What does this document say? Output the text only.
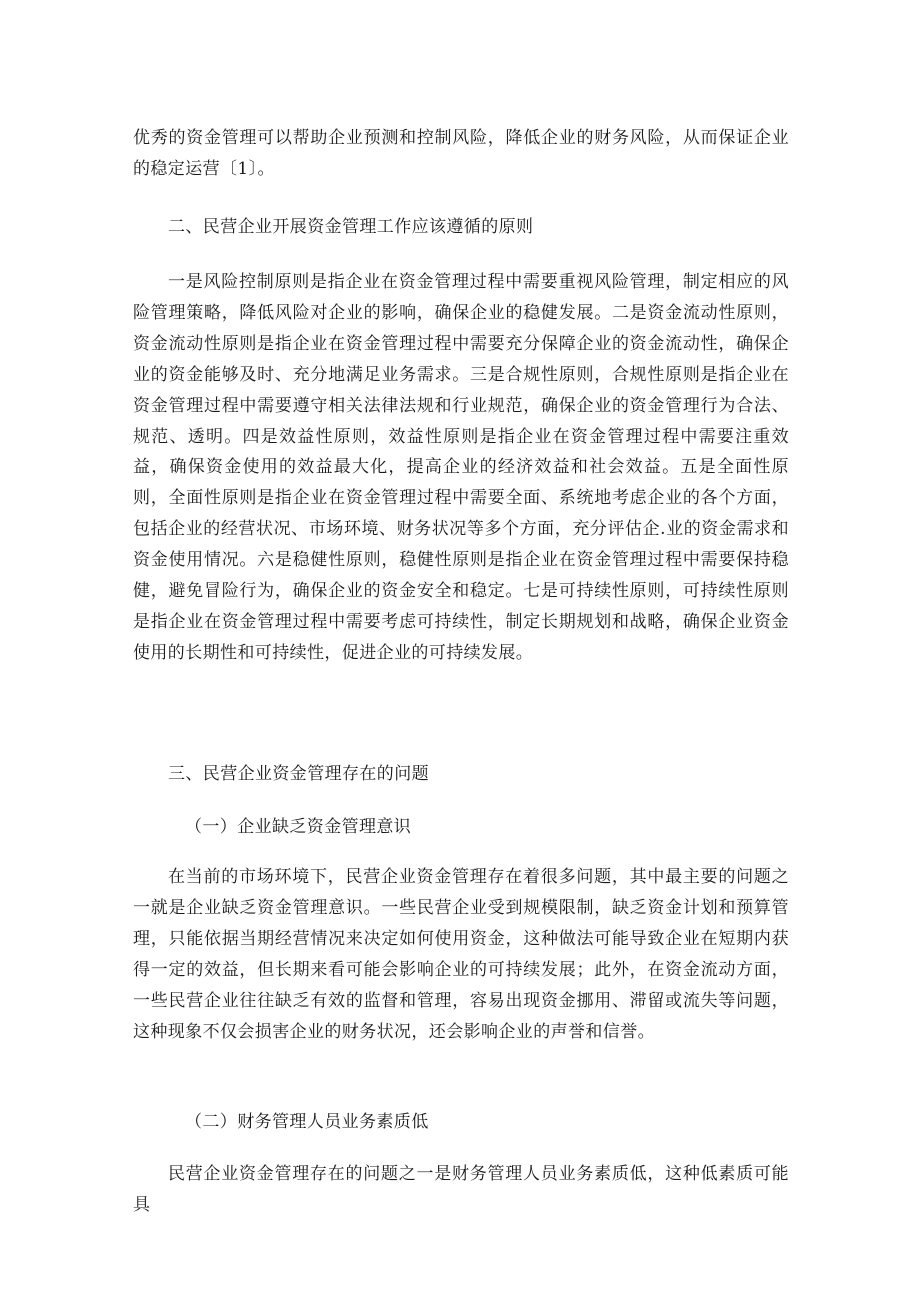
优秀的资金管理可以帮助企业预测和控制风险，降低企业的财务风险，从而保证企业的稳定运营〔1〕。

二、民营企业开展资金管理工作应该遵循的原则

一是风险控制原则是指企业在资金管理过程中需要重视风险管理，制定相应的风险管理策略，降低风险对企业的影响，确保企业的稳健发展。二是资金流动性原则，资金流动性原则是指企业在资金管理过程中需要充分保障企业的资金流动性，确保企业的资金能够及时、充分地满足业务需求。三是合规性原则，合规性原则是指企业在资金管理过程中需要遵守相关法律法规和行业规范，确保企业的资金管理行为合法、规范、透明。四是效益性原则，效益性原则是指企业在资金管理过程中需要注重效益，确保资金使用的效益最大化，提高企业的经济效益和社会效益。五是全面性原则，全面性原则是指企业在资金管理过程中需要全面、系统地考虑企业的各个方面，包括企业的经营状况、市场环境、财务状况等多个方面，充分评估企.业的资金需求和资金使用情况。六是稳健性原则，稳健性原则是指企业在资金管理过程中需要保持稳健，避免冒险行为，确保企业的资金安全和稳定。七是可持续性原则，可持续性原则是指企业在资金管理过程中需要考虑可持续性，制定长期规划和战略，确保企业资金使用的长期性和可持续性，促进企业的可持续发展。

三、民营企业资金管理存在的问题

（一）企业缺乏资金管理意识

在当前的市场环境下，民营企业资金管理存在着很多问题，其中最主要的问题之一就是企业缺乏资金管理意识。一些民营企业受到规模限制，缺乏资金计划和预算管理，只能依据当期经营情况来决定如何使用资金，这种做法可能导致企业在短期内获得一定的效益，但长期来看可能会影响企业的可持续发展；此外，在资金流动方面，一些民营企业往往缺乏有效的监督和管理，容易出现资金挪用、滞留或流失等问题，这种现象不仅会损害企业的财务状况，还会影响企业的声誉和信誉。

（二）财务管理人员业务素质低

民营企业资金管理存在的问题之一是财务管理人员业务素质低，这种低素质可能具
